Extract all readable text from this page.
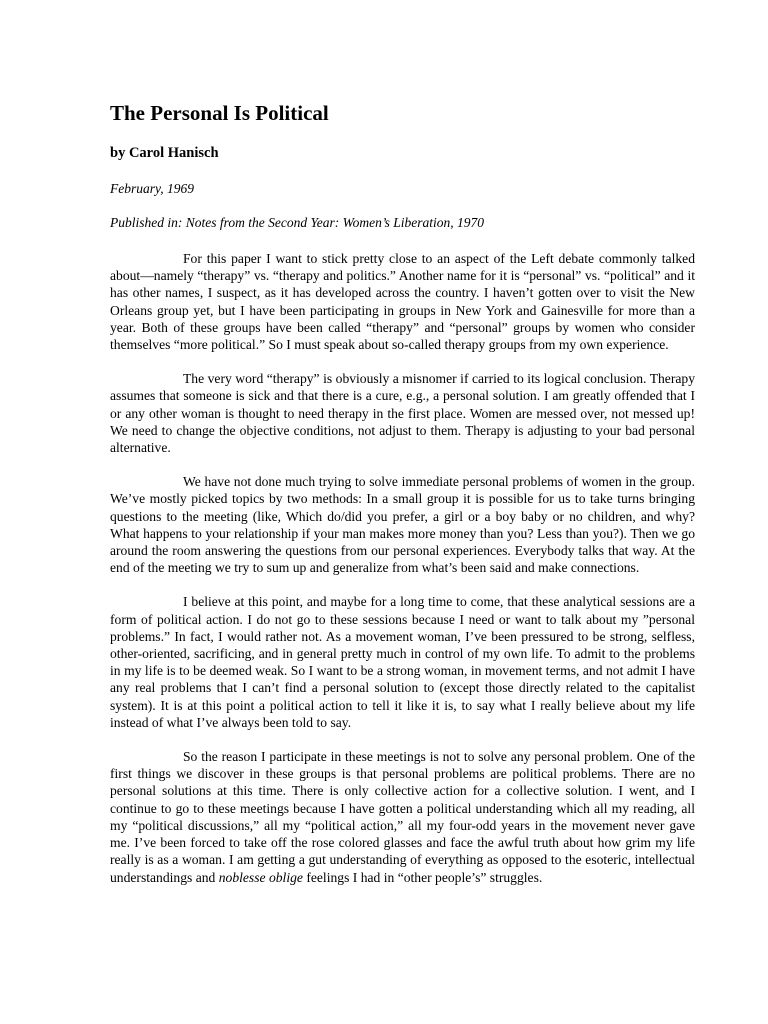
The Personal Is Political
by Carol Hanisch
February, 1969
Published in: Notes from the Second Year: Women’s Liberation, 1970

For this paper I want to stick pretty close to an aspect of the Left debate commonly talked about—namely “therapy” vs. “therapy and politics.” Another name for it is “personal” vs. “political” and it has other names, I suspect, as it has developed across the country. I haven’t gotten over to visit the New Orleans group yet, but I have been participating in groups in New York and Gainesville for more than a year. Both of these groups have been called “therapy” and “personal” groups by women who consider themselves “more political.” So I must speak about so-called therapy groups from my own experience.

The very word “therapy” is obviously a misnomer if carried to its logical conclusion. Therapy assumes that someone is sick and that there is a cure, e.g., a personal solution. I am greatly offended that I or any other woman is thought to need therapy in the first place. Women are messed over, not messed up! We need to change the objective conditions, not adjust to them. Therapy is adjusting to your bad personal alternative.

We have not done much trying to solve immediate personal problems of women in the group. We’ve mostly picked topics by two methods: In a small group it is possible for us to take turns bringing questions to the meeting (like, Which do/did you prefer, a girl or a boy baby or no children, and why? What happens to your relationship if your man makes more money than you? Less than you?). Then we go around the room answering the questions from our personal experiences. Everybody talks that way. At the end of the meeting we try to sum up and generalize from what’s been said and make connections.

I believe at this point, and maybe for a long time to come, that these analytical sessions are a form of political action. I do not go to these sessions because I need or want to talk about my ”personal problems.” In fact, I would rather not. As a movement woman, I’ve been pressured to be strong, selfless, other-oriented, sacrificing, and in general pretty much in control of my own life. To admit to the problems in my life is to be deemed weak. So I want to be a strong woman, in movement terms, and not admit I have any real problems that I can’t find a personal solution to (except those directly related to the capitalist system). It is at this point a political action to tell it like it is, to say what I really believe about my life instead of what I’ve always been told to say.

So the reason I participate in these meetings is not to solve any personal problem. One of the first things we discover in these groups is that personal problems are political problems. There are no personal solutions at this time. There is only collective action for a collective solution. I went, and I continue to go to these meetings because I have gotten a political understanding which all my reading, all my “political discussions,” all my “political action,” all my four-odd years in the movement never gave me. I’ve been forced to take off the rose colored glasses and face the awful truth about how grim my life really is as a woman. I am getting a gut understanding of everything as opposed to the esoteric, intellectual understandings and noblesse oblige feelings I had in “other people’s” struggles.
